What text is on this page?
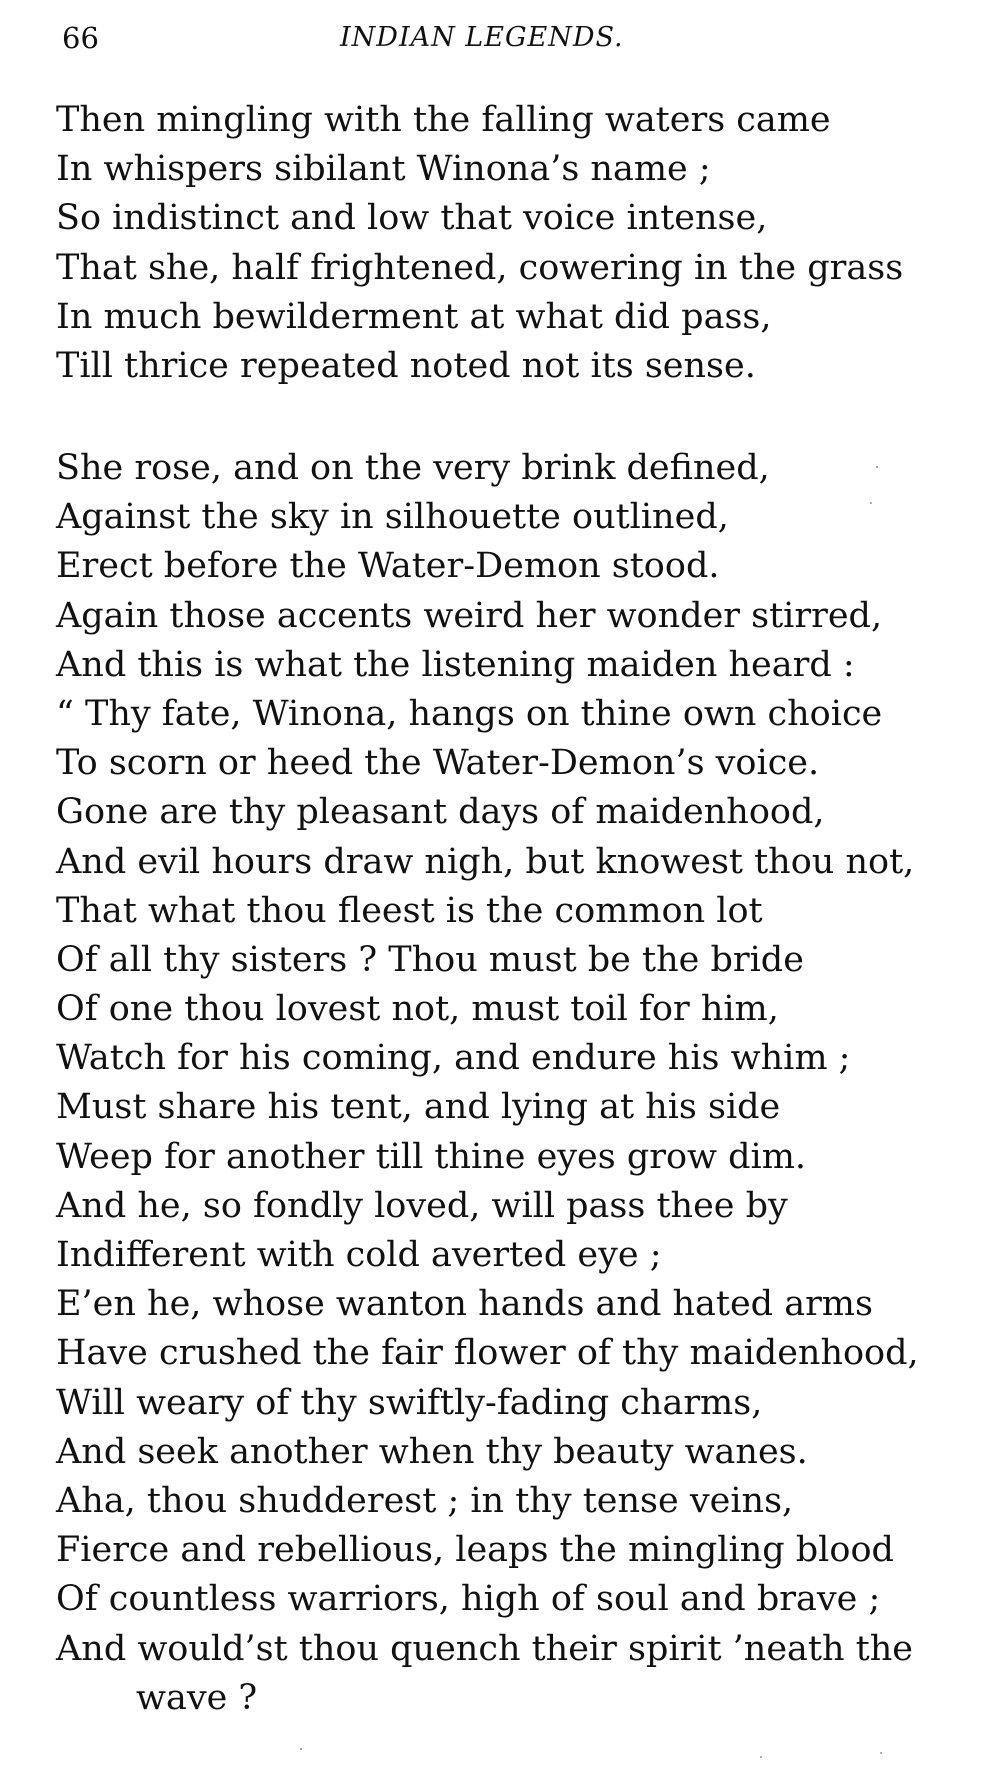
66	INDIAN LEGENDS.
Then mingling with the falling waters came
In whispers sibilant Winona’s name ;
So indistinct and low that voice intense,
That she, half frightened, cowering in the grass
In much bewilderment at what did pass,
Till thrice repeated noted not its sense.
She rose, and on the very brink defined,
Against the sky in silhouette outlined,
Erect before the Water-Demon stood.
Again those accents weird her wonder stirred,
And this is what the listening maiden heard :
“ Thy fate, Winona, hangs on thine own choice
To scorn or heed the Water-Demon’s voice.
Gone are thy pleasant days of maidenhood,
And evil hours draw nigh, but knowest thou not,
That what thou fleest is the common lot
Of all thy sisters ? Thou must be the bride
Of one thou lovest not, must toil for him,
Watch for his coming, and endure his whim ;
Must share his tent, and lying at his side
Weep for another till thine eyes grow dim.
And he, so fondly loved, will pass thee by
Indifferent with cold averted eye ;
E’en he, whose wanton hands and hated arms
Have crushed the fair flower of thy maidenhood,
Will weary of thy swiftly-fading charms,
And seek another when thy beauty wanes.
Aha, thou shudderest ; in thy tense veins,
Fierce and rebellious, leaps the mingling blood
Of countless warriors, high of soul and brave ;
And would’st thou quench their spirit ’neath the
wave ?
